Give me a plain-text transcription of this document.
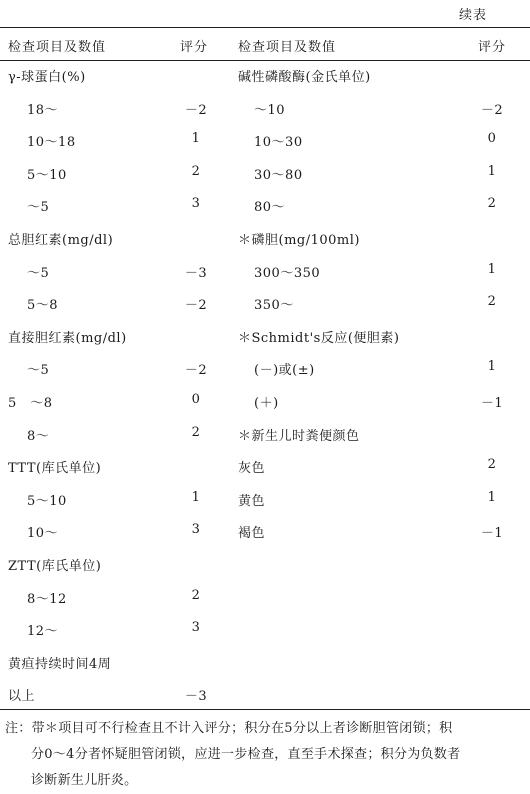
续表
检查项目及数值	评分 检查项目及数值	评分
γ-球蛋白(%)
18～	－2
10～18	1
5～10	2
～5	3
总胆红素(mg/dl)
～5	－3
5～8	－2
直接胆红素(mg/dl)
～5	－2
5　～8	0
8～	2
TTT(库氏单位)
5～10	1
10～	3
ZTT(库氏单位)
8～12	2
12～	3
黄疸持续时间4周
以上	－3
碱性磷酸酶(金氏单位)
～10	－2
10～30	0
30～80	1
80～	2
＊磷胆(mg/100ml)
300～350	1
350～	2
＊Schmidt's反应(便胆素)
(－)或(±)	1
(＋)	－1
＊新生儿时粪便颜色
灰色	2
黄色	1
褐色	－1
注：带＊项目可不行检查且不计入评分；积分在5分以上者诊断胆管闭锁；积
分0～4分者怀疑胆管闭锁，应进一步检查，直至手术探查；积分为负数者
诊断新生儿肝炎。
